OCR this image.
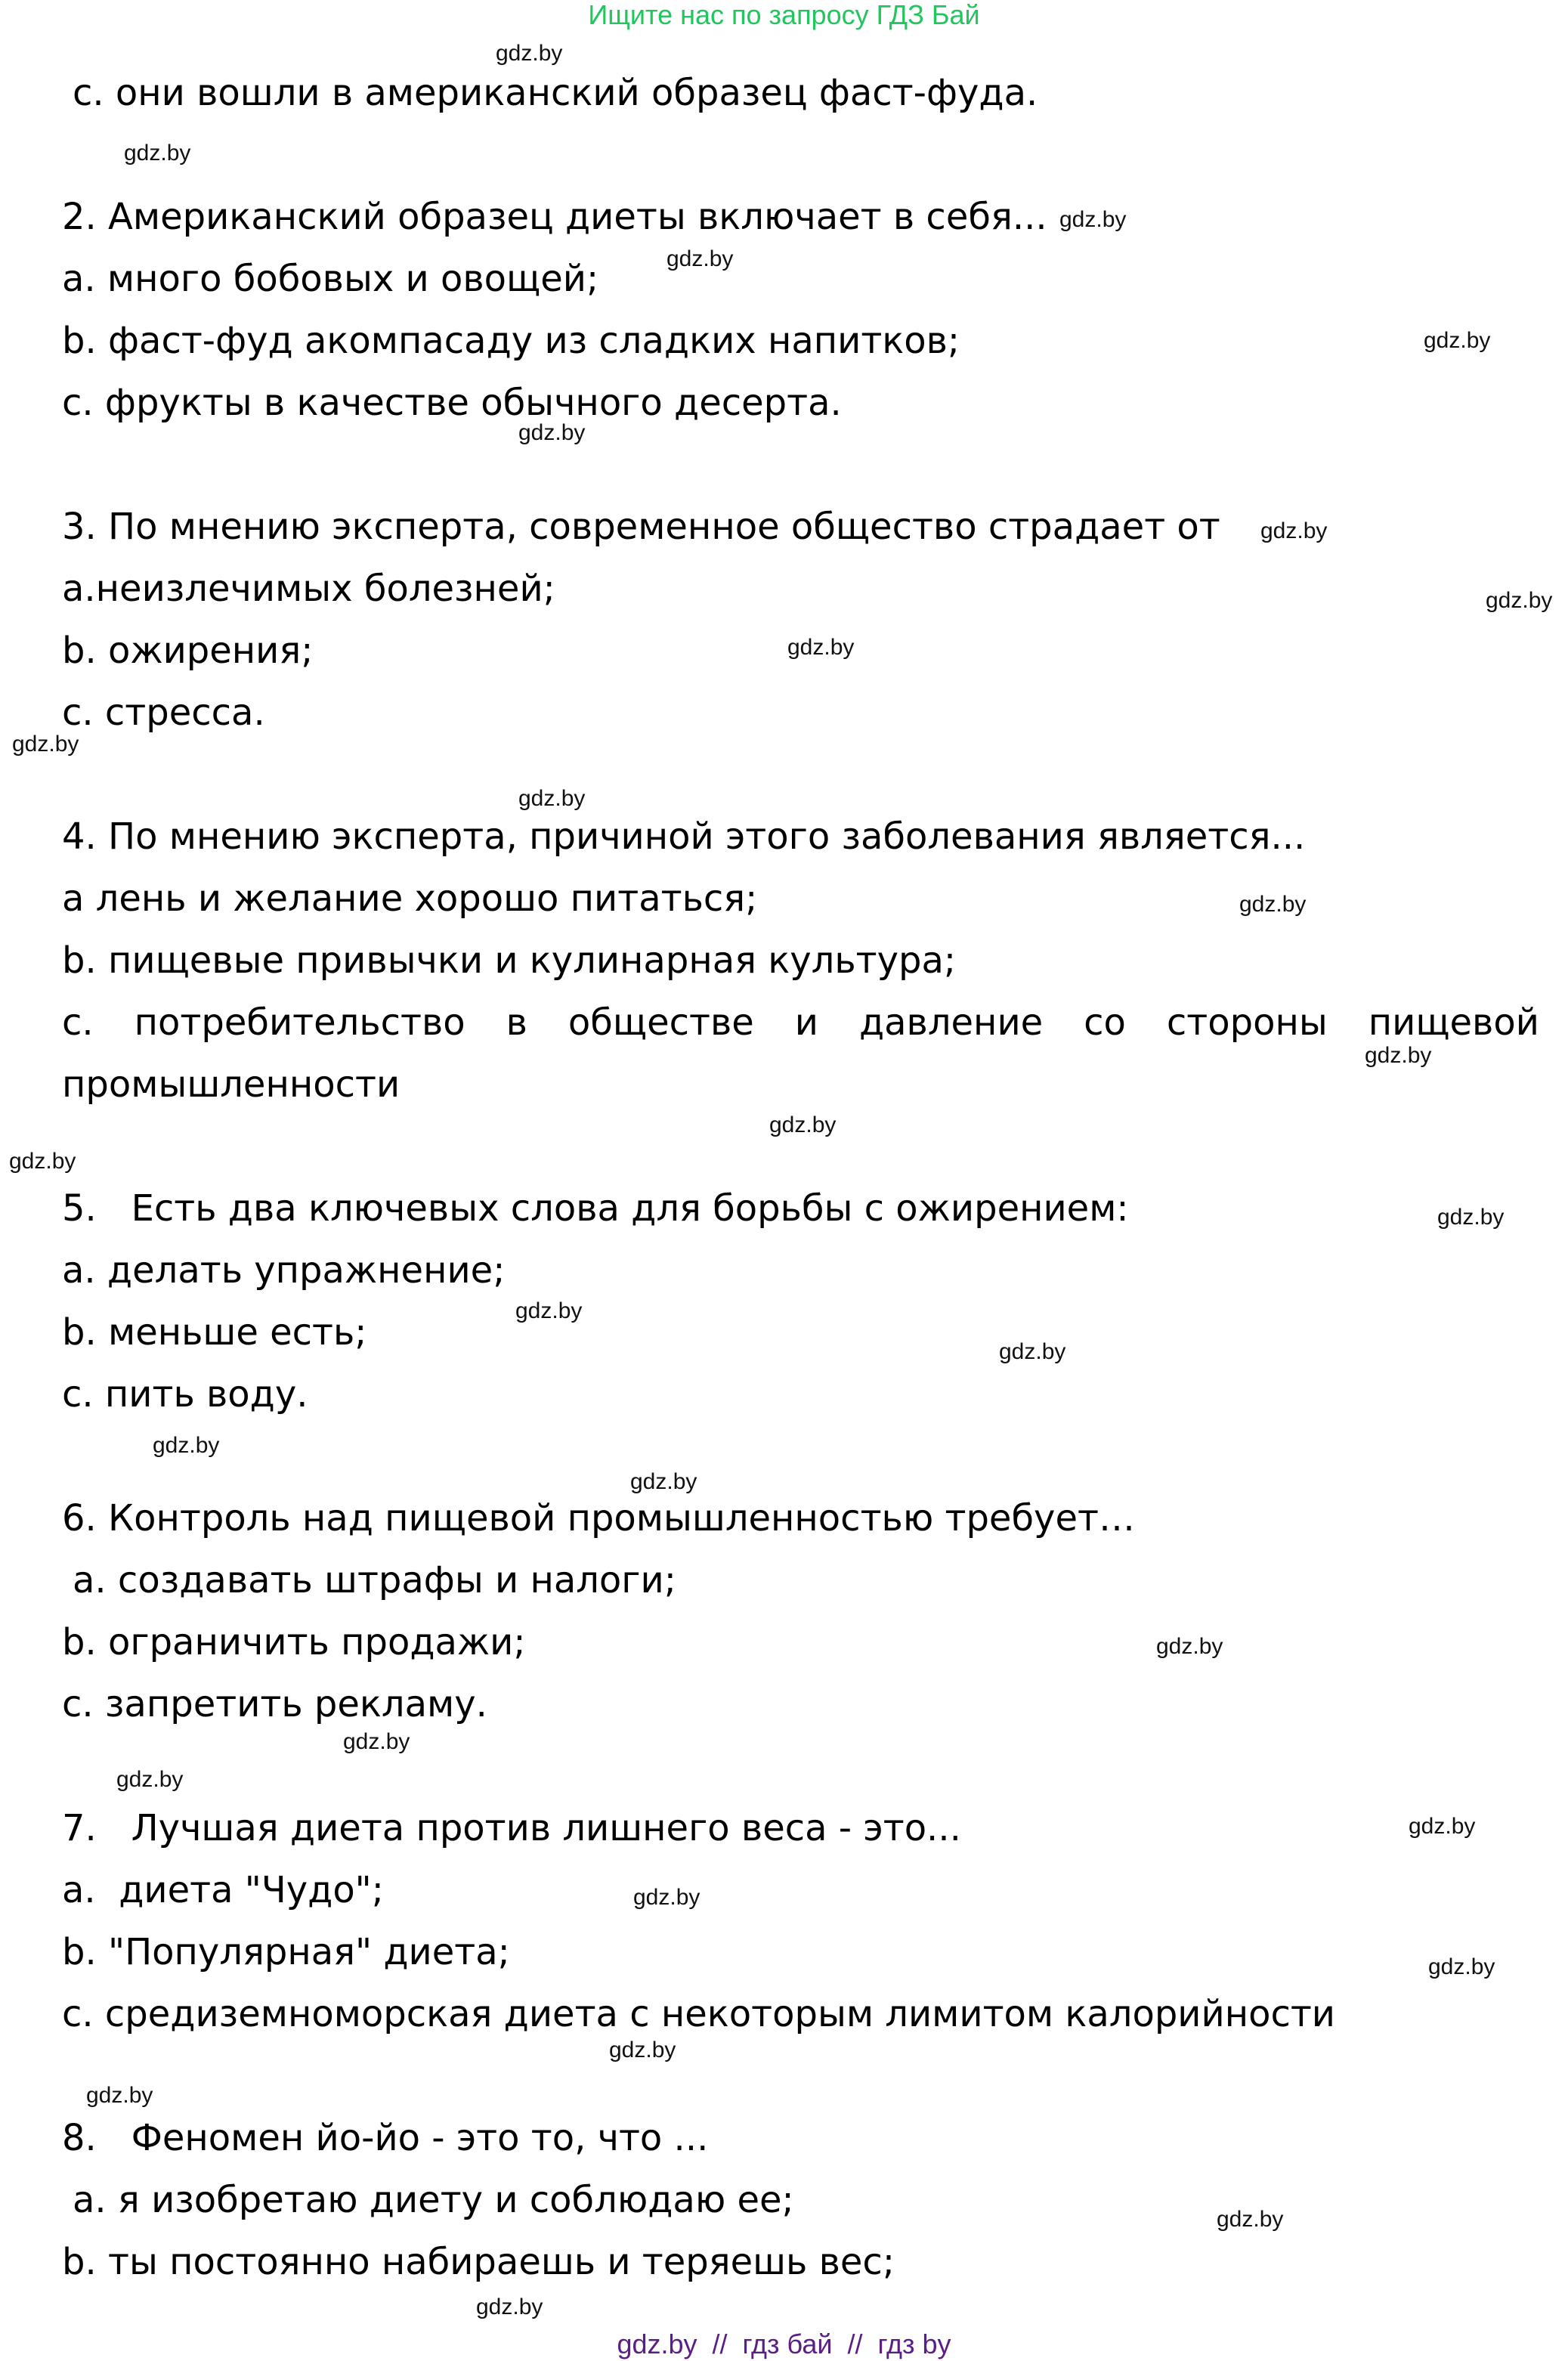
Ищите нас по запросу ГДЗ Бай
c. они вошли в американский образец фаст-фуда.
2. Американский образец диеты включает в себя...
a. много бобовых и овощей;
b. фаст-фуд акомпасаду из сладких напитков;
c. фрукты в качестве обычного десерта.
3. По мнению эксперта, современное общество страдает от
a.неизлечимых болезней;
b. ожирения;
c. стресса.
4. По мнению эксперта, причиной этого заболевания является...
a лень и желание хорошо питаться;
b. пищевые привычки и кулинарная культура;
c. потребительство в обществе и давление со стороны пищевой
промышленности
5.   Есть два ключевых слова для борьбы с ожирением:
a. делать упражнение;
b. меньше есть;
c. пить воду.
6. Контроль над пищевой промышленностью требует…
a. создавать штрафы и налоги;
b. ограничить продажи;
c. запретить рекламу.
7.   Лучшая диета против лишнего веса - это...
a.  диета "Чудо";
b. "Популярная" диета;
c. средиземноморская диета с некоторым лимитом калорийности
8.   Феномен йо-йо - это то, что ...
a. я изобретаю диету и соблюдаю ее;
b. ты постоянно набираешь и теряешь вес;
gdz.by
gdz.by
gdz.by
gdz.by
gdz.by
gdz.by
gdz.by
gdz.by
gdz.by
gdz.by
gdz.by
gdz.by
gdz.by
gdz.by
gdz.by
gdz.by
gdz.by
gdz.by
gdz.by
gdz.by
gdz.by
gdz.by
gdz.by
gdz.by
gdz.by
gdz.by
gdz.by
gdz.by
gdz.by
gdz.by
gdz.by  //  гдз бай  //  гдз by
